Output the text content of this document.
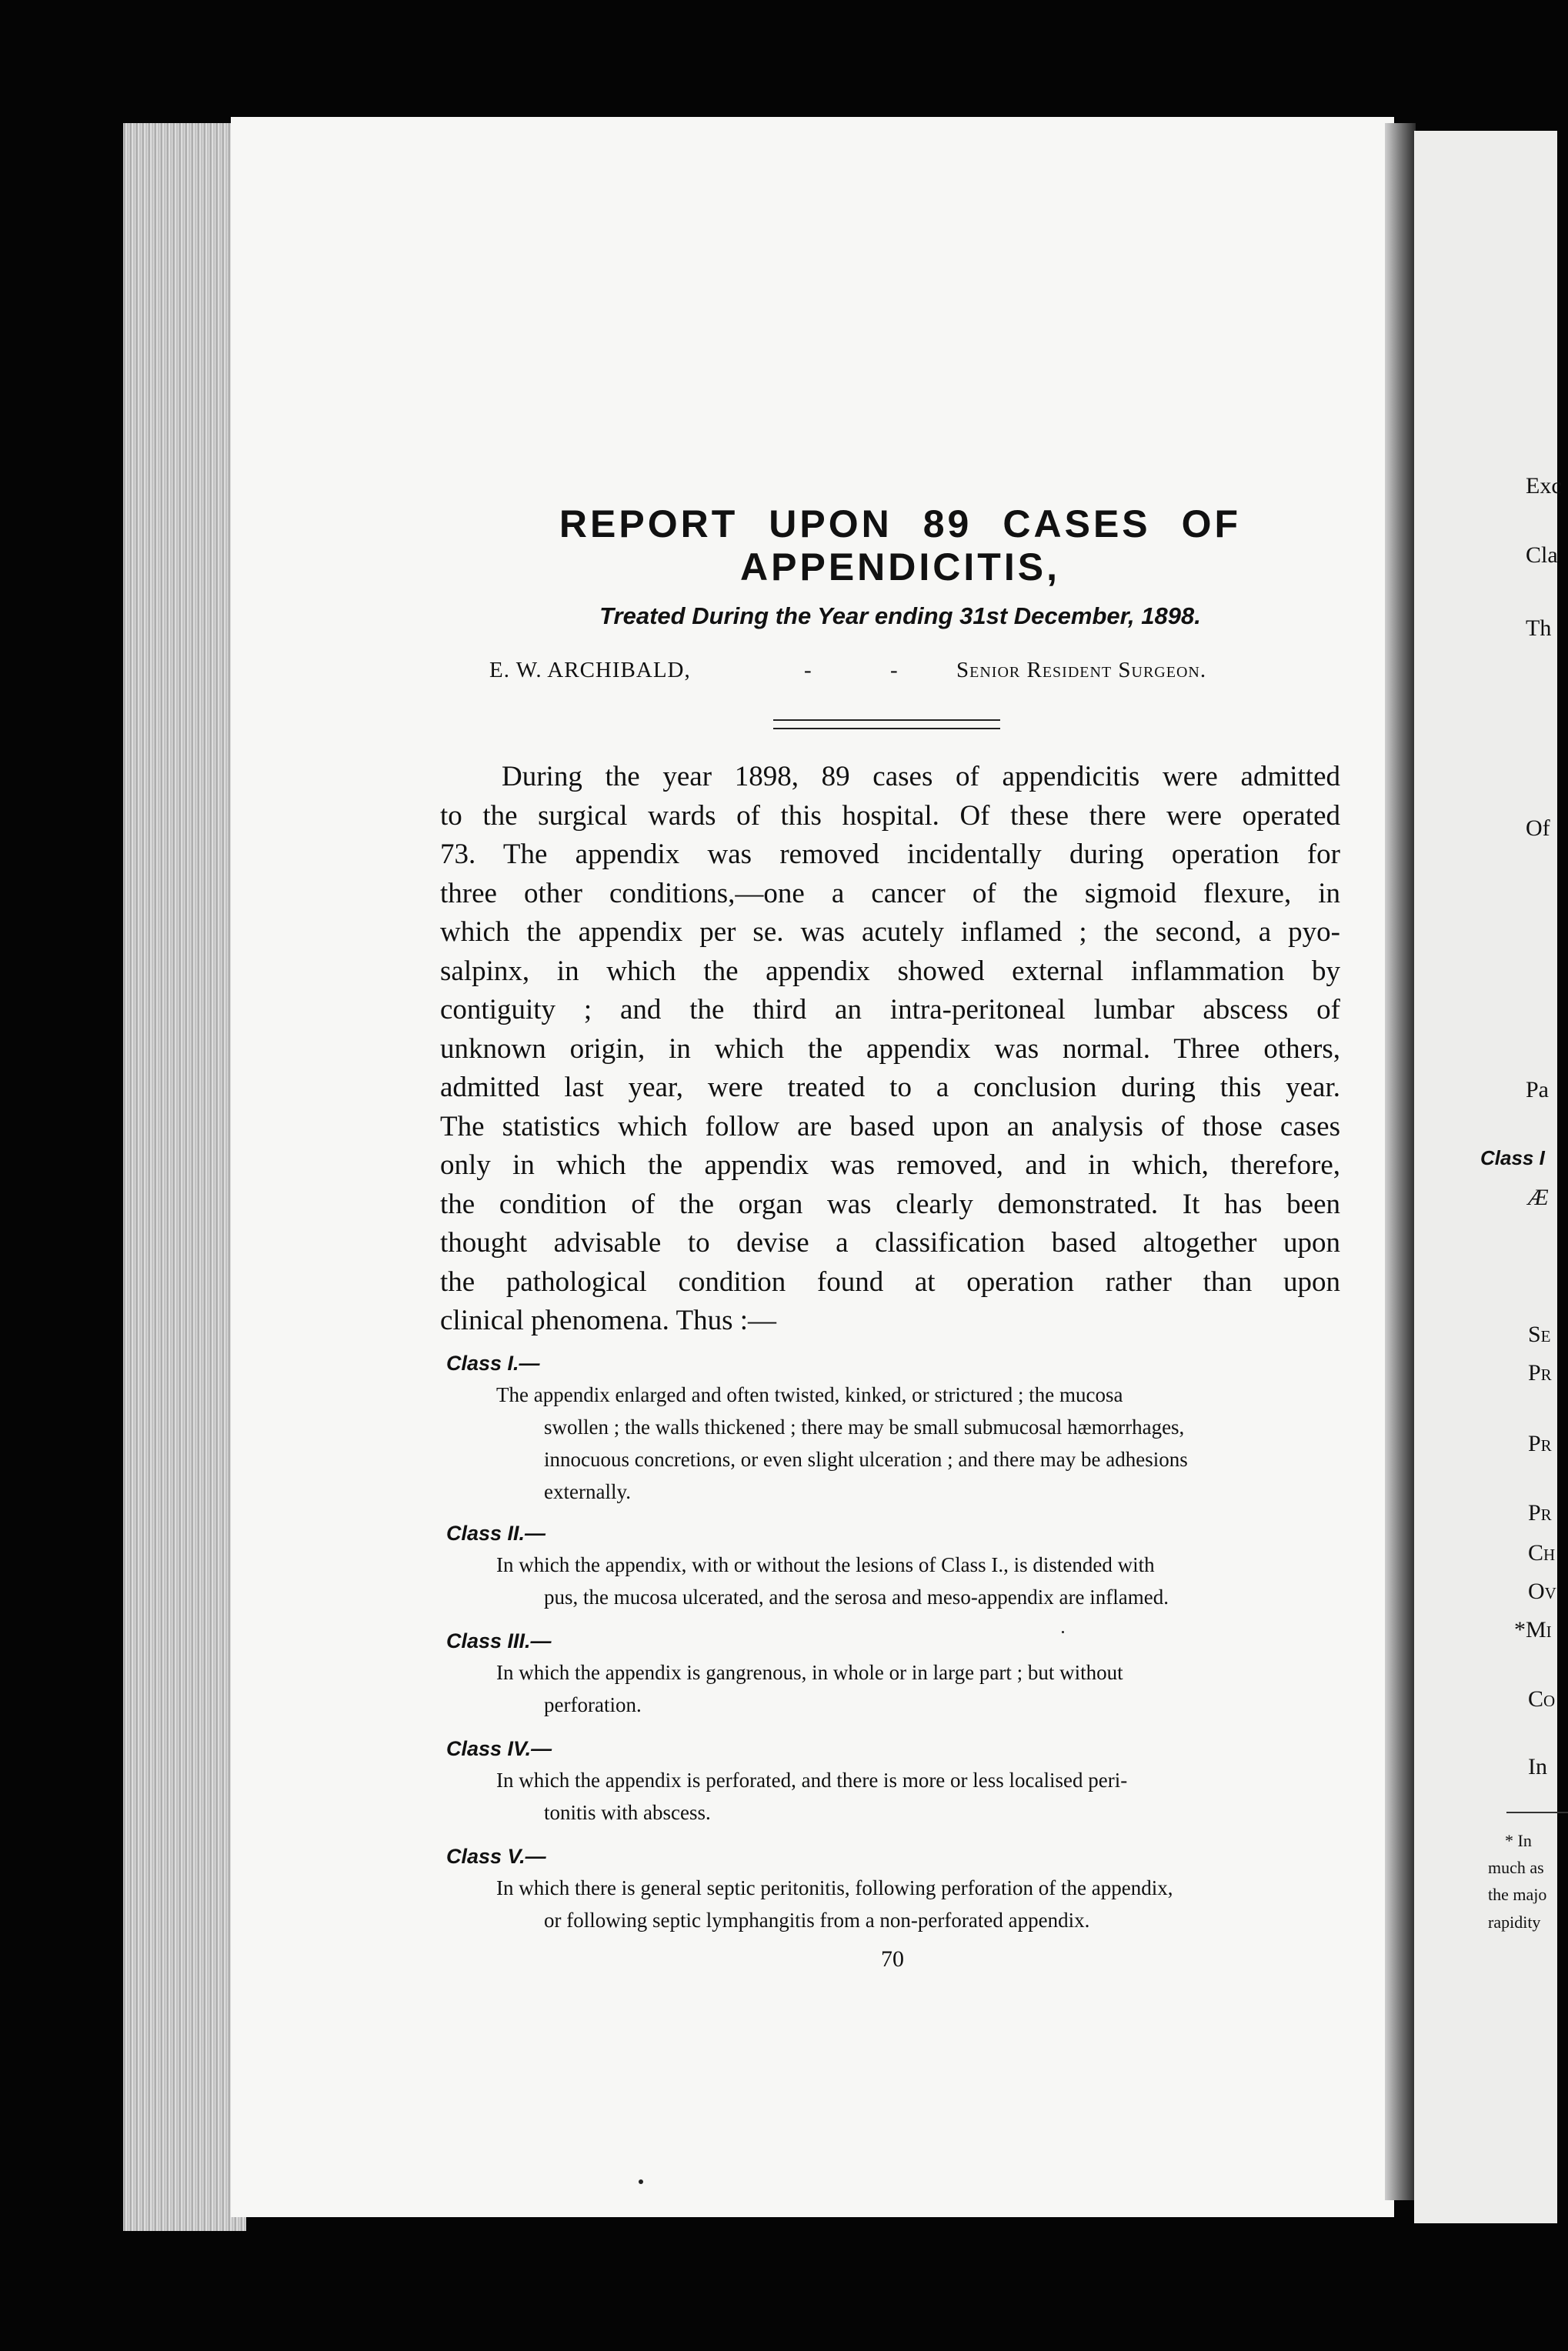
Exc
Cla
Th
Of
Pa
Class I
Æ
Se
Pr
Pr
Pr
Ch
Ov
*Mi
Co
In
* In
much as
the majo
rapidity
REPORT UPON 89 CASES OF
APPENDICITIS,
Treated During the Year ending 31st December, 1898.
E. W. ARCHIBALD,	-	-	Senior Resident Surgeon.
During the year 1898, 89 cases of appendicitis were admitted
to the surgical wards of this hospital. Of these there were operated
73. The appendix was removed incidentally during operation for
three other conditions,—one a cancer of the sigmoid flexure, in
which the appendix per se. was acutely inflamed ; the second, a pyo-
salpinx, in which the appendix showed external inflammation by
contiguity ; and the third an intra-peritoneal lumbar abscess of
unknown origin, in which the appendix was normal. Three others,
admitted last year, were treated to a conclusion during this year.
The statistics which follow are based upon an analysis of those cases
only in which the appendix was removed, and in which, therefore,
the condition of the organ was clearly demonstrated. It has been
thought advisable to devise a classification based altogether upon
the pathological condition found at operation rather than upon
clinical phenomena. Thus :—
Class I.—
The appendix enlarged and often twisted, kinked, or strictured ; the mucosa
swollen ; the walls thickened ; there may be small submucosal hæmorrhages,
innocuous concretions, or even slight ulceration ; and there may be adhesions
externally.
Class II.—
In which the appendix, with or without the lesions of Class I., is distended with
pus, the mucosa ulcerated, and the serosa and meso-appendix are inflamed.
Class III.—
In which the appendix is gangrenous, in whole or in large part ; but without
perforation.
Class IV.—
In which the appendix is perforated, and there is more or less localised peri-
tonitis with abscess.
Class V.—
In which there is general septic peritonitis, following perforation of the appendix,
or following septic lymphangitis from a non-perforated appendix.
70
